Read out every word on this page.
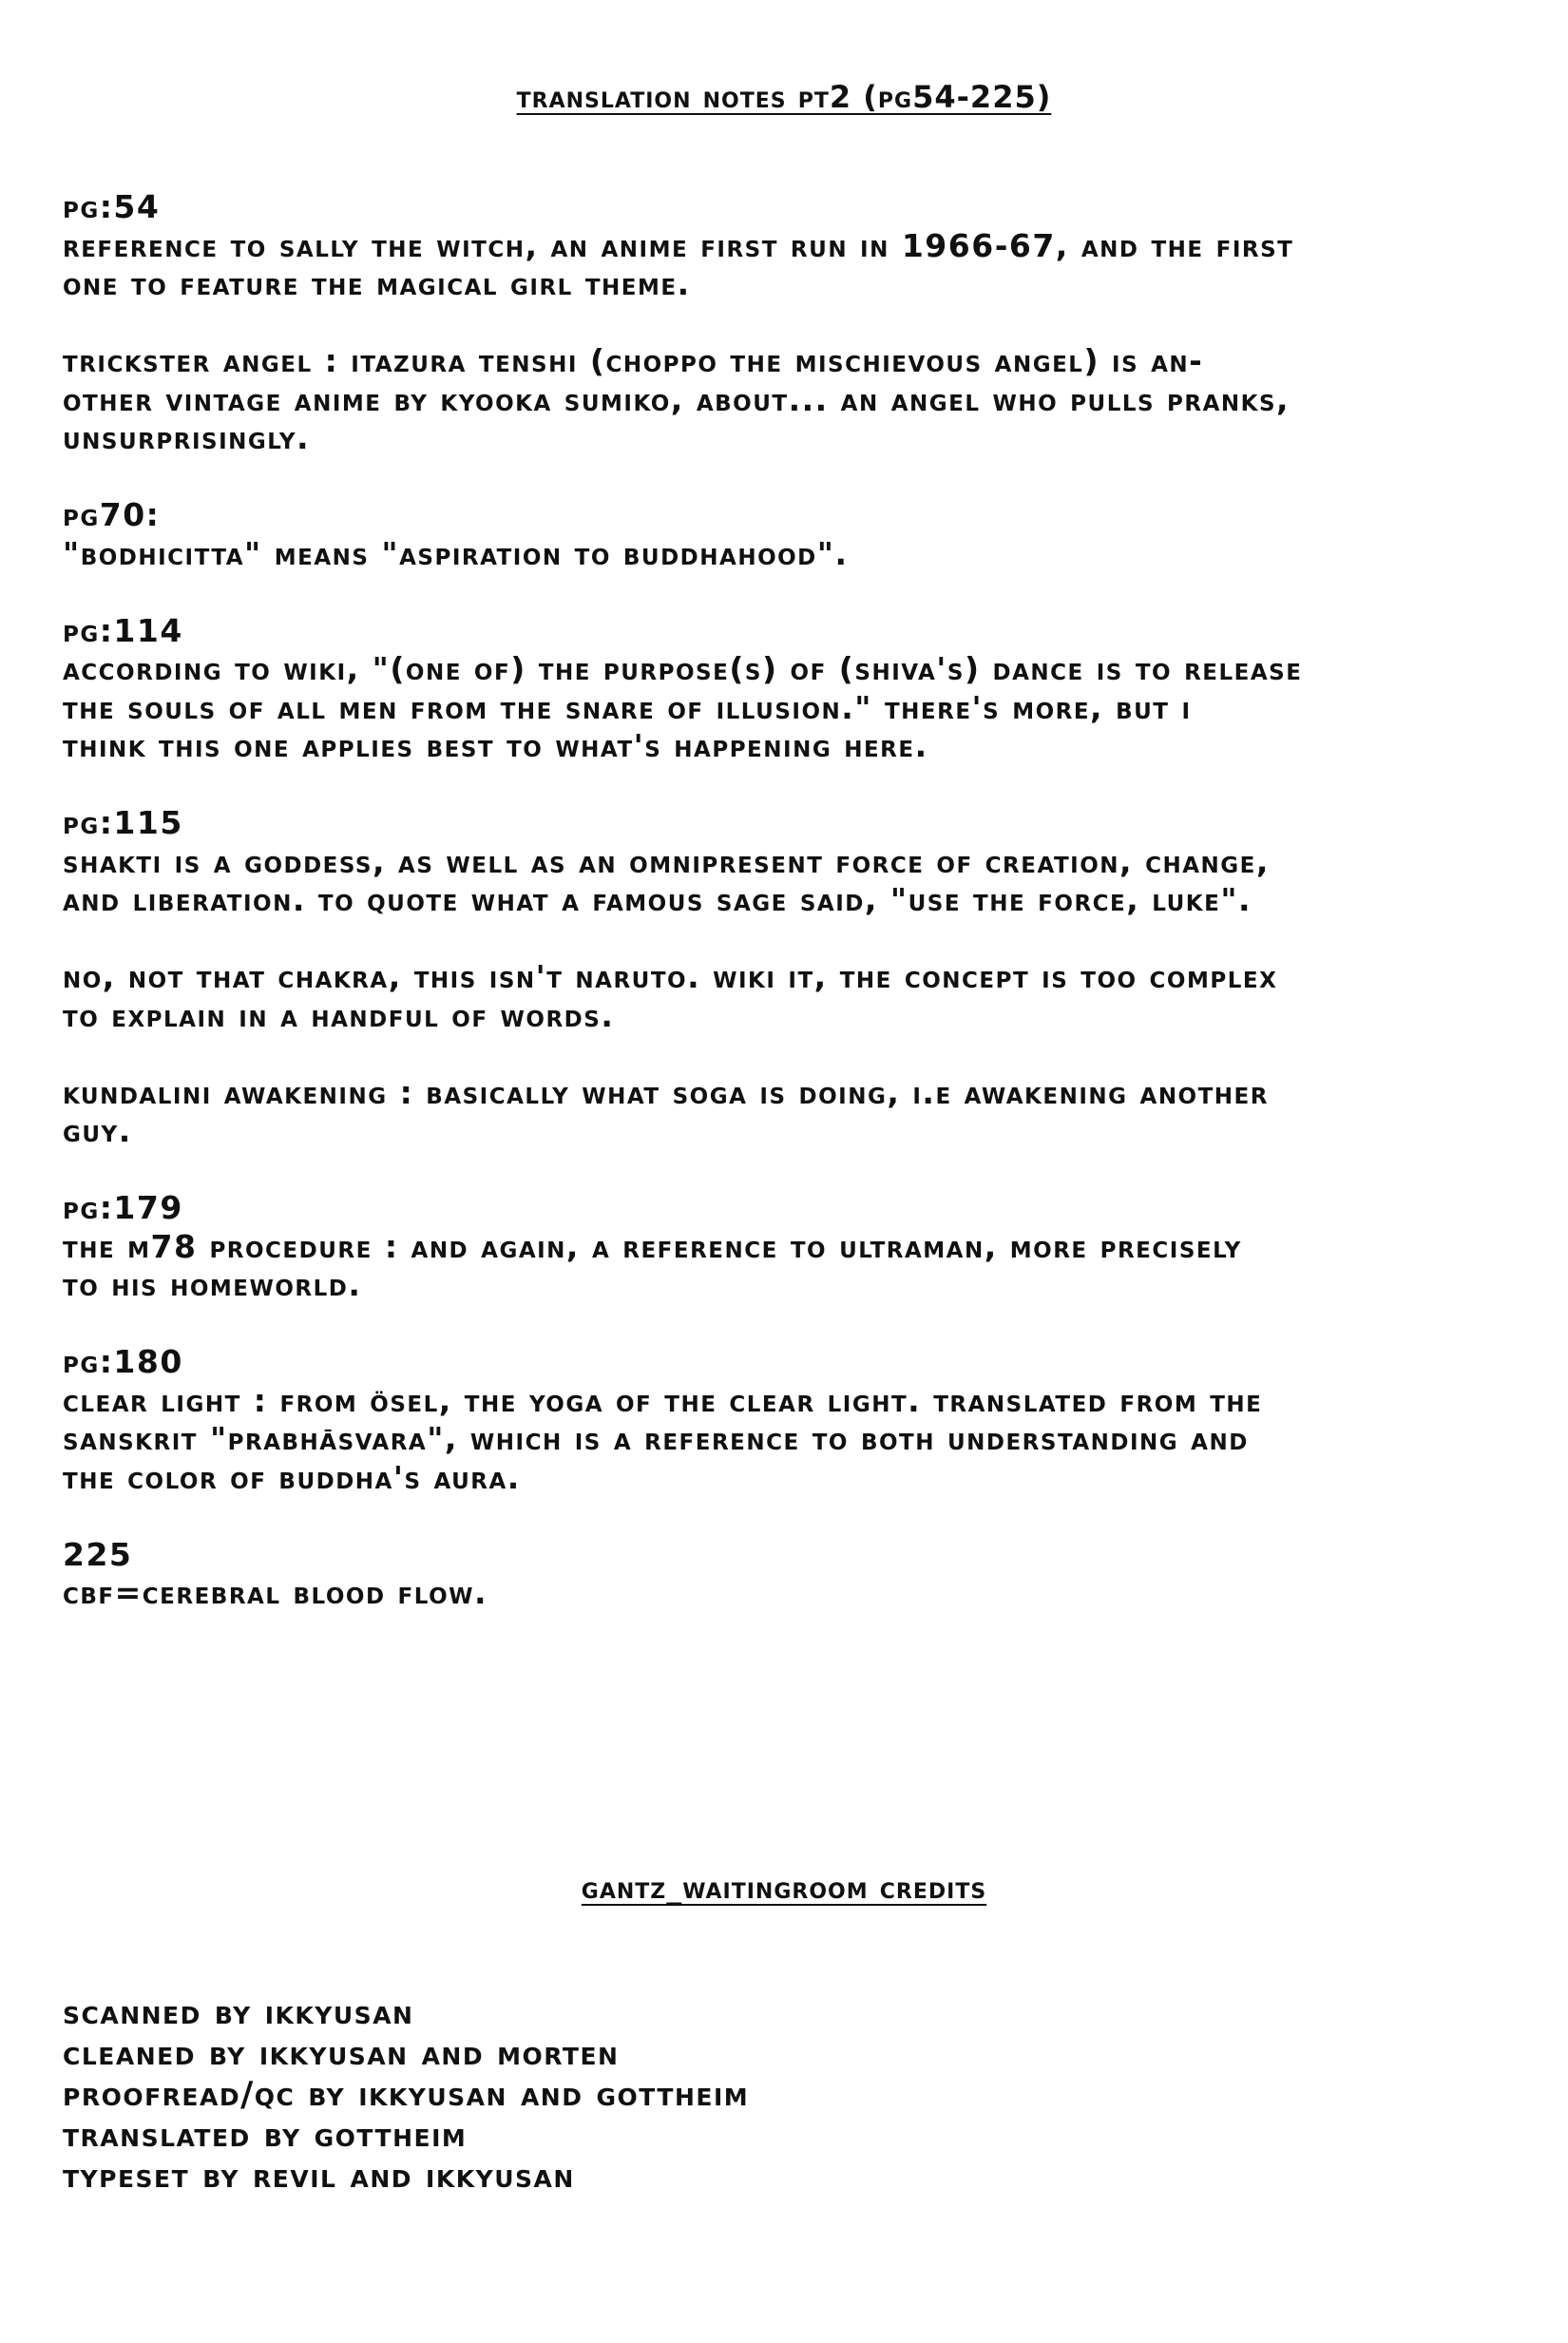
translation notes pt2 (pg54-225)
pg:54
reference to sally the witch, an anime first run in 1966-67, and the first
one to feature the magical girl theme.
trickster angel : itazura tenshi (choppo the mischievous angel) is an-
other vintage anime by kyooka sumiko, about... an angel who pulls pranks,
unsurprisingly.
pg70:
"bodhicitta" means "aspiration to buddhahood".
pg:114
according to wiki, "(one of) the purpose(s) of (shiva's) dance is to release
the souls of all men from the snare of illusion." there's more, but i
think this one applies best to what's happening here.
pg:115
shakti is a goddess, as well as an omnipresent force of creation, change,
and liberation. to quote what a famous sage said, "use the force, luke".
no, not that chakra, this isn't naruto. wiki it, the concept is too complex
to explain in a handful of words.
kundalini awakening : basically what soga is doing, i.e awakening another
guy.
pg:179
the m78 procedure : and again, a reference to ultraman, more precisely
to his homeworld.
pg:180
clear light : from ösel, the yoga of the clear light. translated from the
sanskrit "prabhāsvara", which is a reference to both understanding and
the color of buddha's aura.
225
cbf=cerebral blood flow.
gantz_waitingroom credits
scanned by ikkyusan
cleaned by ikkyusan and morten
proofread/qc by ikkyusan and gottheim
translated by gottheim
typeset by revil and ikkyusan
